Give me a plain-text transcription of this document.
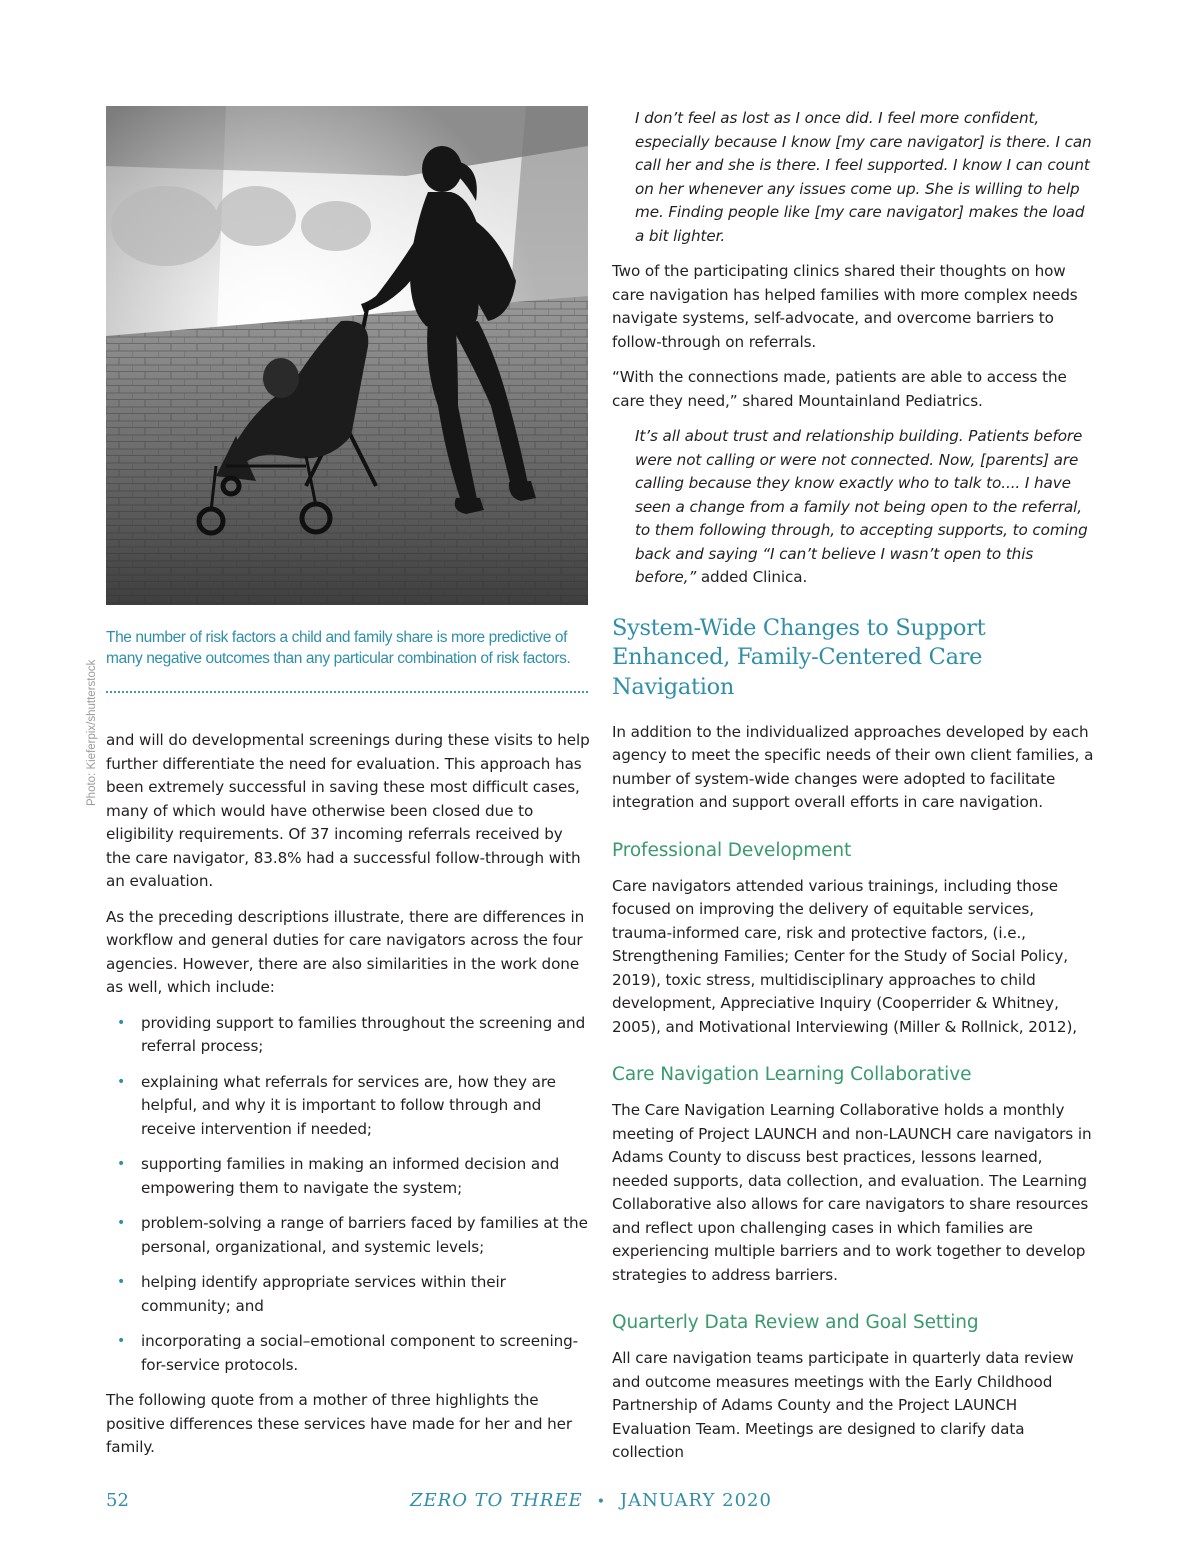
Photo: Kieferpix/shutterstock
The number of risk factors a child and family share is more predictive of many negative outcomes than any particular combination of risk factors.

and will do developmental screenings during these visits to help further differentiate the need for evaluation. This approach has been extremely successful in saving these most difficult cases, many of which would have otherwise been closed due to eligibility requirements. Of 37 incoming referrals received by the care navigator, 83.8% had a successful follow-through with an evaluation.

As the preceding descriptions illustrate, there are differences in workflow and general duties for care navigators across the four agencies. However, there are also similarities in the work done as well, which include:

• providing support to families throughout the screening and referral process;
• explaining what referrals for services are, how they are helpful, and why it is important to follow through and receive intervention if needed;
• supporting families in making an informed decision and empowering them to navigate the system;
• problem-solving a range of barriers faced by families at the personal, organizational, and systemic levels;
• helping identify appropriate services within their community; and
• incorporating a social–emotional component to screening-for-service protocols.

The following quote from a mother of three highlights the positive differences these services have made for her and her family.

I don’t feel as lost as I once did. I feel more confident, especially because I know [my care navigator] is there. I can call her and she is there. I feel supported. I know I can count on her whenever any issues come up. She is willing to help me. Finding people like [my care navigator] makes the load a bit lighter.

Two of the participating clinics shared their thoughts on how care navigation has helped families with more complex needs navigate systems, self-advocate, and overcome barriers to follow-through on referrals.

“With the connections made, patients are able to access the care they need,” shared Mountainland Pediatrics.

It’s all about trust and relationship building. Patients before were not calling or were not connected. Now, [parents] are calling because they know exactly who to talk to.... I have seen a change from a family not being open to the referral, to them following through, to accepting supports, to coming back and saying “I can’t believe I wasn’t open to this before,” added Clinica.
System-Wide Changes to Support Enhanced, Family-Centered Care Navigation

In addition to the individualized approaches developed by each agency to meet the specific needs of their own client families, a number of system-wide changes were adopted to facilitate integration and support overall efforts in care navigation.

Professional Development

Care navigators attended various trainings, including those focused on improving the delivery of equitable services, trauma-informed care, risk and protective factors, (i.e., Strengthening Families; Center for the Study of Social Policy, 2019), toxic stress, multidisciplinary approaches to child development, Appreciative Inquiry (Cooperrider & Whitney, 2005), and Motivational Interviewing (Miller & Rollnick, 2012),

Care Navigation Learning Collaborative

The Care Navigation Learning Collaborative holds a monthly meeting of Project LAUNCH and non-LAUNCH care navigators in Adams County to discuss best practices, lessons learned, needed supports, data collection, and evaluation. The Learning Collaborative also allows for care navigators to share resources and reflect upon challenging cases in which families are experiencing multiple barriers and to work together to develop strategies to address barriers.

Quarterly Data Review and Goal Setting

All care navigation teams participate in quarterly data review and outcome measures meetings with the Early Childhood Partnership of Adams County and the Project LAUNCH Evaluation Team. Meetings are designed to clarify data collection

52	ZERO TO THREE • JANUARY 2020
